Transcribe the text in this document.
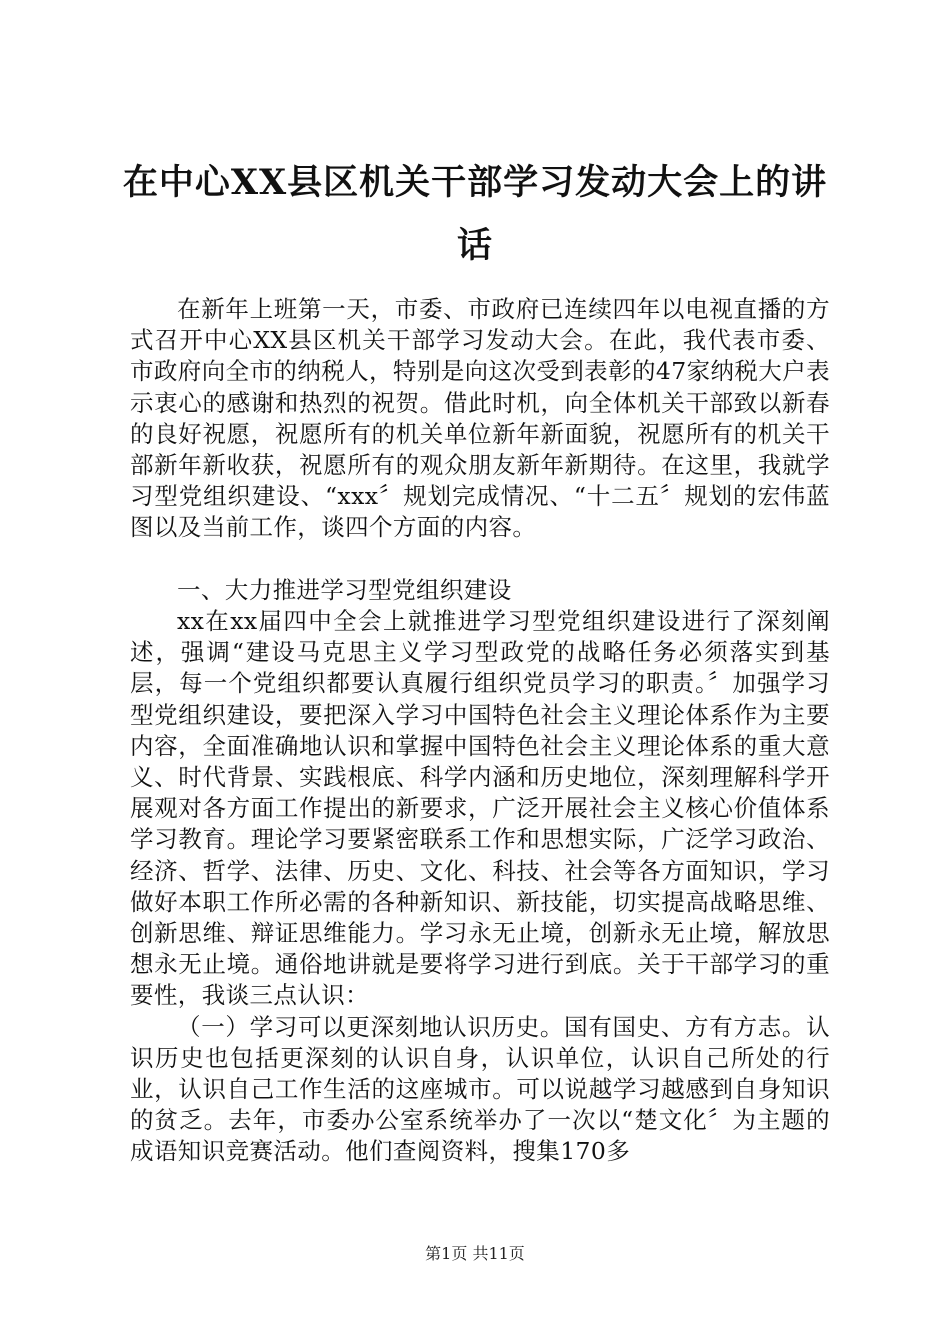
在中心XX县区机关干部学习发动大会上的讲
话

在新年上班第一天，市委、市政府已连续四年以电视直播的方式召开中心XX县区机关干部学习发动大会。在此，我代表市委、市政府向全市的纳税人，特别是向这次受到表彰的47家纳税大户表示衷心的感谢和热烈的祝贺。借此时机，向全体机关干部致以新春的良好祝愿，祝愿所有的机关单位新年新面貌，祝愿所有的机关干部新年新收获，祝愿所有的观众朋友新年新期待。在这里，我就学习型党组织建设、“xxx〞规划完成情况、“十二五〞规划的宏伟蓝图以及当前工作，谈四个方面的内容。

一、大力推进学习型党组织建设

xx在xx届四中全会上就推进学习型党组织建设进行了深刻阐述，强调“建设马克思主义学习型政党的战略任务必须落实到基层，每一个党组织都要认真履行组织党员学习的职责。〞加强学习型党组织建设，要把深入学习中国特色社会主义理论体系作为主要内容，全面准确地认识和掌握中国特色社会主义理论体系的重大意义、时代背景、实践根底、科学内涵和历史地位，深刻理解科学开展观对各方面工作提出的新要求，广泛开展社会主义核心价值体系学习教育。理论学习要紧密联系工作和思想实际，广泛学习政治、经济、哲学、法律、历史、文化、科技、社会等各方面知识，学习做好本职工作所必需的各种新知识、新技能，切实提高战略思维、创新思维、辩证思维能力。学习永无止境，创新永无止境，解放思想永无止境。通俗地讲就是要将学习进行到底。关于干部学习的重要性，我谈三点认识：

（一）学习可以更深刻地认识历史。国有国史、方有方志。认识历史也包括更深刻的认识自身，认识单位，认识自己所处的行业，认识自己工作生活的这座城市。可以说越学习越感到自身知识的贫乏。去年，市委办公室系统举办了一次以“楚文化〞为主题的成语知识竞赛活动。他们查阅资料，搜集170多

第1页 共11页
